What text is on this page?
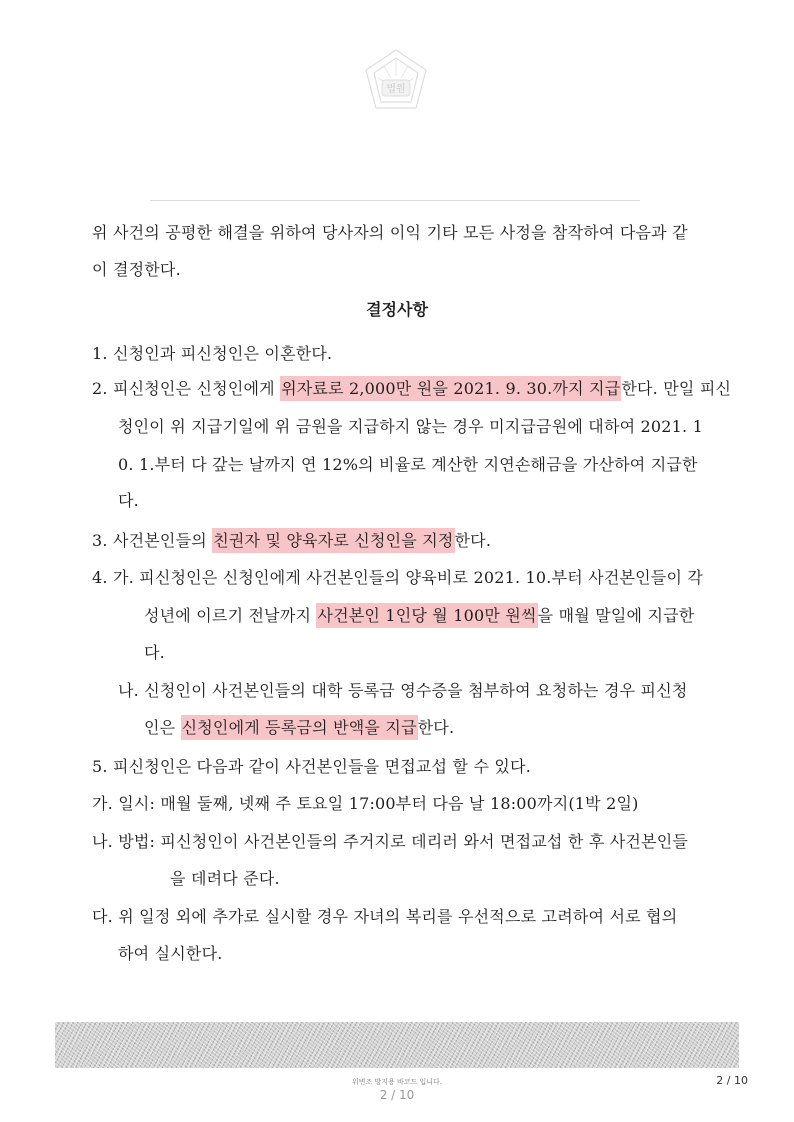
법원
위 사건의 공평한 해결을 위하여 당사자의 이익 기타 모든 사정을 참작하여 다음과 같
이 결정한다.
결정사항
1. 신청인과 피신청인은 이혼한다.
2. 피신청인은 신청인에게 위자료로 2,000만 원을 2021. 9. 30.까지 지급한다. 만일 피신
청인이 위 지급기일에 위 금원을 지급하지 않는 경우 미지급금원에 대하여 2021. 1
0. 1.부터 다 갚는 날까지 연 12%의 비율로 계산한 지연손해금을 가산하여 지급한
다.
3. 사건본인들의 친권자 및 양육자로 신청인을 지정한다.
4. 가. 피신청인은 신청인에게 사건본인들의 양육비로 2021. 10.부터 사건본인들이 각
성년에 이르기 전날까지 사건본인 1인당 월 100만 원씩을 매월 말일에 지급한
다.
나. 신청인이 사건본인들의 대학 등록금 영수증을 첨부하여 요청하는 경우 피신청
인은 신청인에게 등록금의 반액을 지급한다.
5. 피신청인은 다음과 같이 사건본인들을 면접교섭 할 수 있다.
가. 일시: 매월 둘째, 넷째 주 토요일 17:00부터 다음 날 18:00까지(1박 2일)
나. 방법: 피신청인이 사건본인들의 주거지로 데리러 와서 면접교섭 한 후 사건본인들
을 데려다 준다.
다. 위 일정 외에 추가로 실시할 경우 자녀의 복리를 우선적으로 고려하여 서로 협의
하여 실시한다.
위변조 방지용 바코드 입니다.
2 / 10
2 / 10
